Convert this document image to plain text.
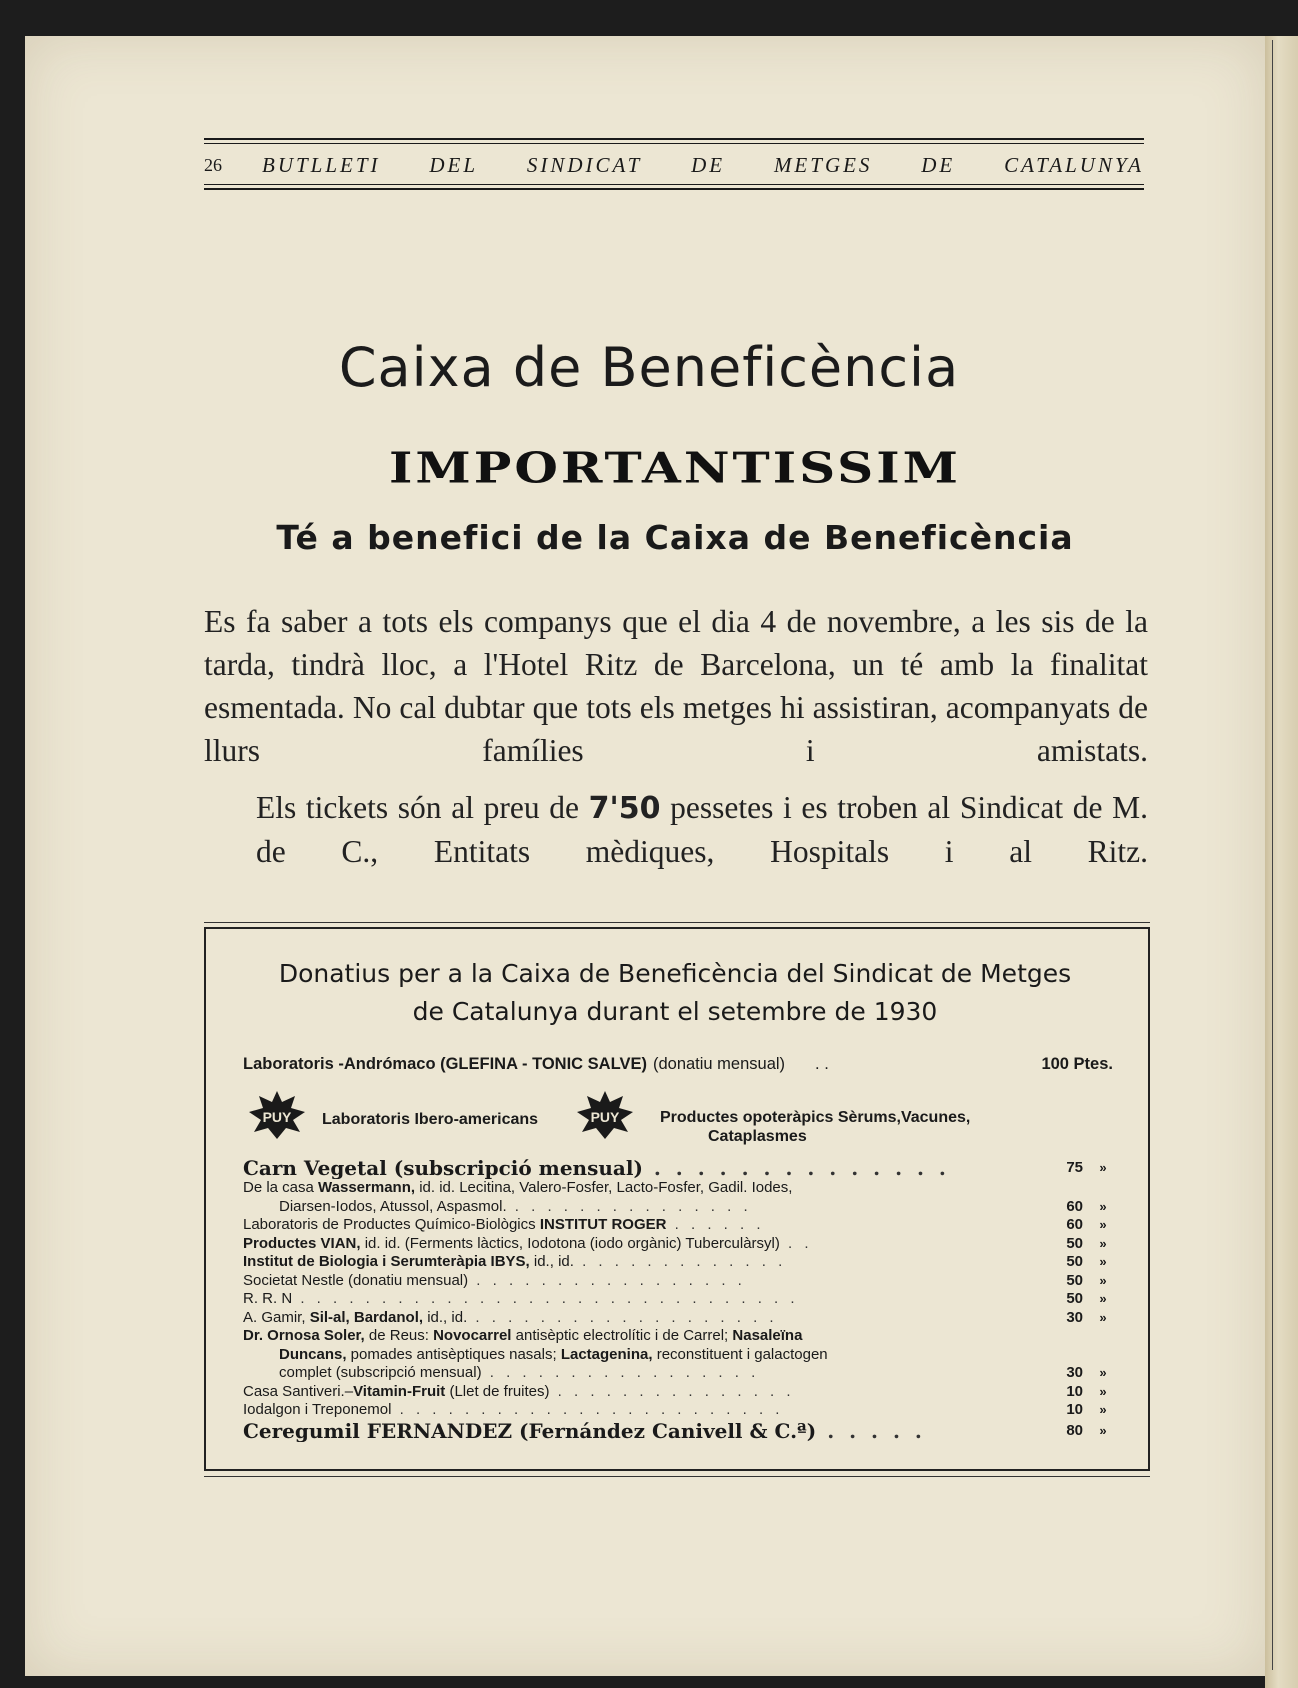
26	BUTLLETI DEL SINDICAT DE METGES DE CATALUNYA
Caixa de Beneficència
IMPORTANTISSIM
Té a benefici de la Caixa de Beneficència
Es fa saber a tots els companys que el dia 4 de novembre, a les sis de la tarda, tindrà lloc, a l'Hotel Ritz de Barcelona, un té amb la finalitat esmentada. No cal dubtar que tots els metges hi assistiran, acompanyats de llurs famílies i amistats.
Els tickets són al preu de 7'50 pessetes i es troben al Sindicat de M. de C., Entitats mèdiques, Hospitals i al Ritz.
Donatius per a la Caixa de Beneficència del Sindicat de Metges
de Catalunya durant el setembre de 1930
Laboratoris -Andrómaco (GLEFINA - TONIC SALVE) (donatiu mensual)	. .	100 Ptes.
PUY Laboratoris Ibero-americans	PUY	Productes opoteràpics Sèrums,Vacunes,
Cataplasmes
Carn Vegetal (subscripció mensual) . . . . . . . . . . . . . .	75	»
De la casa Wassermann, id. id. Lecitina, Valero-Fosfer, Lacto-Fosfer, Gadil. Iodes,
Diarsen-Iodos, Atussol, Aspasmol. . . . . . . . . . . . . . . .	60	»
Laboratoris de Productes Químico-Biològics INSTITUT ROGER . . . . . .	60	»
Productes VIAN, id. id. (Ferments làctics, Iodotona (iodo orgànic) Tuberculàrsyl) . .	50	»
Institut de Biologia i Serumteràpia IBYS, id., id. . . . . . . . . . . . . .	50	»
Societat Nestle (donatiu mensual) . . . . . . . . . . . . . . . . .	50	»
R. R. N . . . . . . . . . . . . . . . . . . . . . . . . . . . . . . .	50	»
A. Gamir, Sil-al, Bardanol, id., id. . . . . . . . . . . . . . . . . . . .	30	»
Dr. Ornosa Soler, de Reus: Novocarrel antisèptic electrolític i de Carrel; Nasaleïna
Duncans, pomades antisèptiques nasals; Lactagenina, reconstituent i galactogen
complet (subscripció mensual) . . . . . . . . . . . . . . . . .	30	»
Casa Santiveri.–Vitamin-Fruit (Llet de fruites) . . . . . . . . . . . . . . .	10	»
Iodalgon i Treponemol . . . . . . . . . . . . . . . . . . . . . . . .	10	»
Ceregumil FERNANDEZ (Fernández Canivell & C.ª) . . . . .	80	»
